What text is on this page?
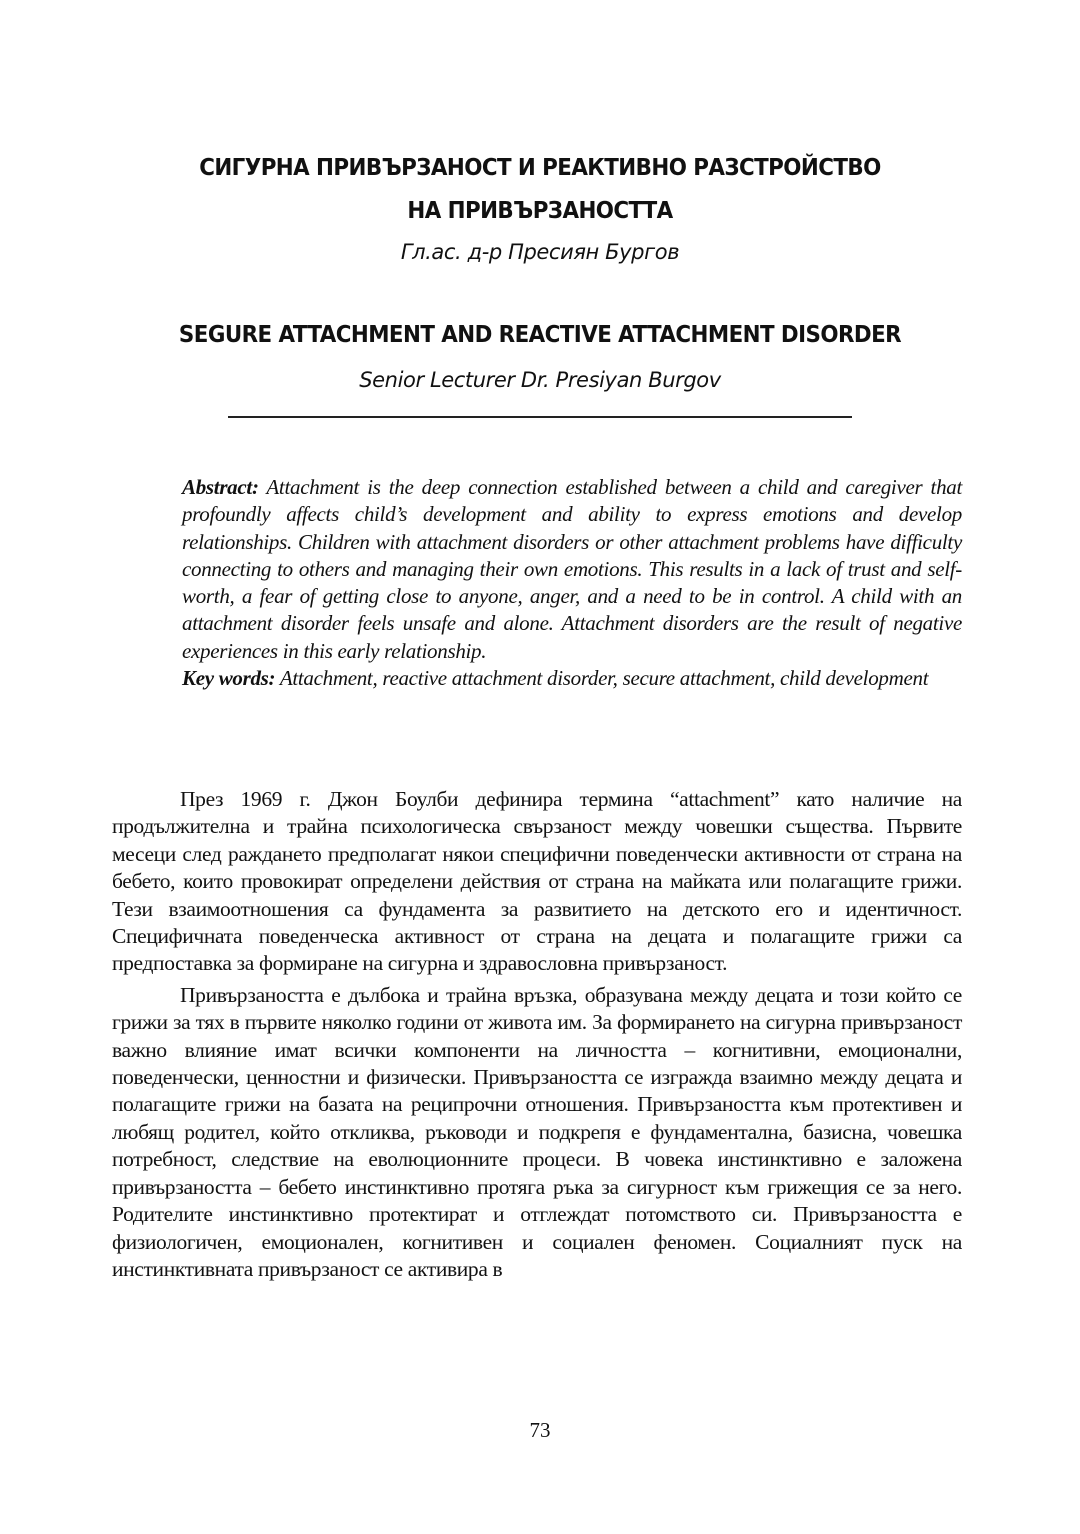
СИГУРНА ПРИВЪРЗАНОСТ И РЕАКТИВНО РАЗСТРОЙСТВО
НА ПРИВЪРЗАНОСТТА
Гл.ас. д-р Пресиян Бургов
SEGURE ATTACHMENT AND REACTIVE ATTACHMENT DISORDER
Senior Lecturer Dr. Presiyan Burgov
Abstract: Attachment is the deep connection established between a child and caregiver that profoundly affects child’s development and ability to express emotions and develop relationships. Children with attachment disorders or other attachment problems have difficulty connecting to others and managing their own emotions. This results in a lack of trust and self-worth, a fear of getting close to anyone, anger, and a need to be in control. A child with an attachment disorder feels unsafe and alone. Attachment disorders are the result of negative experiences in this early relationship.
Key words: Attachment, reactive attachment disorder, secure attachment, child development

През 1969 г. Джон Боулби дефинира термина “attachment” като наличие на продължителна и трайна психологическа свързаност между човешки същества. Първите месеци след раждането предполагат някои специфични поведенчески активности от страна на бебето, които провокират определени действия от страна на майката или полагащите грижи. Тези взаимоотношения са фундамента за развитието на детското его и идентичност. Специфичната поведенческа активност от страна на децата и полагащите грижи са предпоставка за формиране на сигурна и здравословна привързаност.

Привързаността е дълбока и трайна връзка, образувана между децата и този който се грижи за тях в първите няколко години от живота им. За формирането на сигурна привързаност важно влияние имат всички компоненти на личността – когнитивни, емоционални, поведенчески, ценностни и физически. Привързаността се изгражда взаимно между децата и полагащите грижи на базата на реципрочни отношения. Привързаността към протективен и любящ родител, който откликва, ръководи и подкрепя е фундаментална, базисна, човешка потребност, следствие на еволюционните процеси. В човека инстинктивно е заложена привързаността – бебето инстинктивно протяга ръка за сигурност към грижещия се за него. Родителите инстинктивно протектират и отглеждат потомството си. Привързаността е физиологичен, емоционален, когнитивен и социален феномен. Социалният пуск на инстинктивната привързаност се активира в

73
